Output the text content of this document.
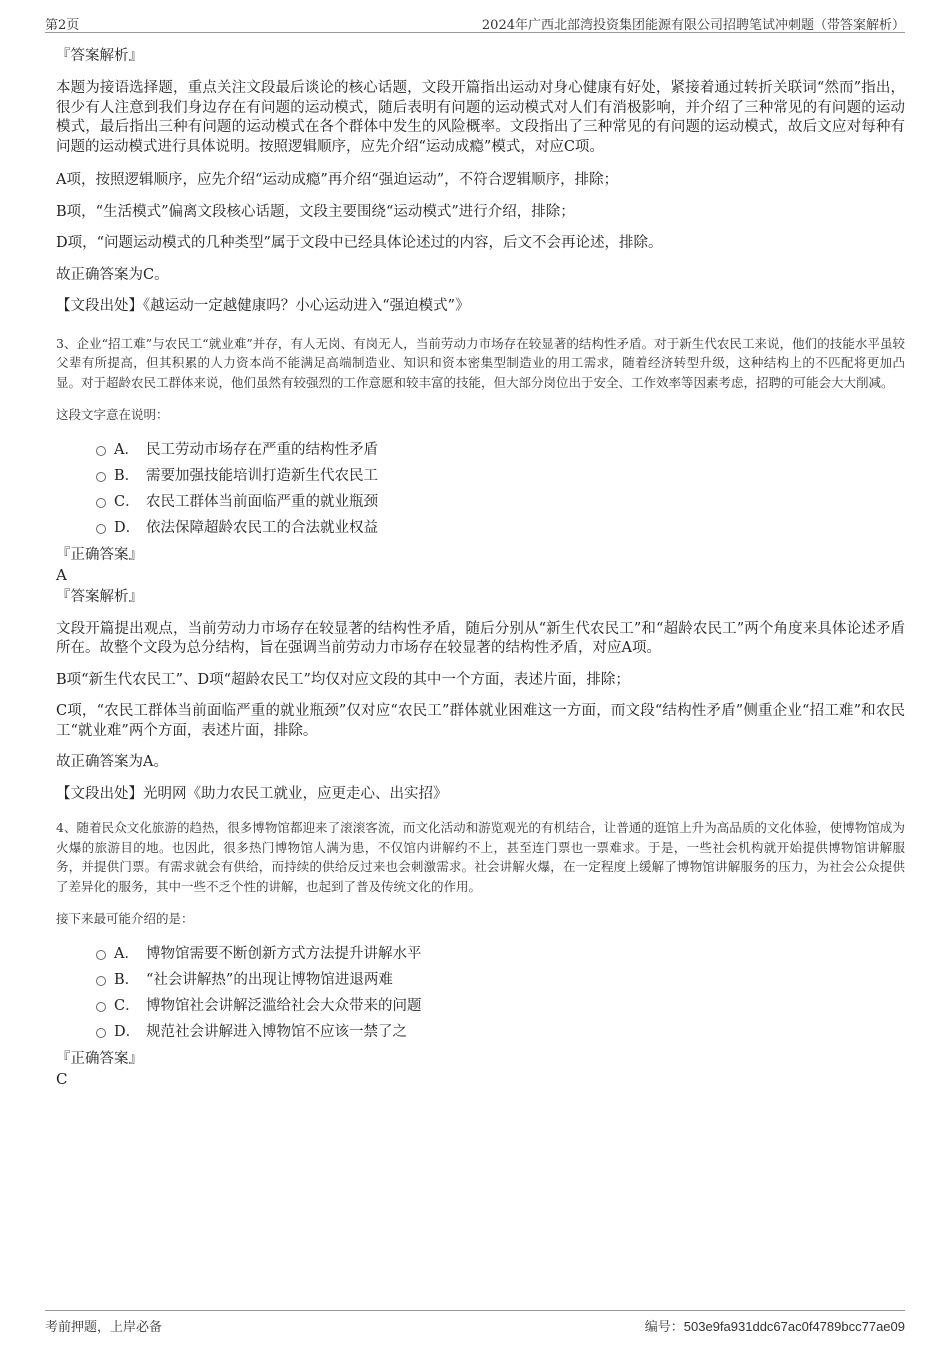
第2页	2024年广西北部湾投资集团能源有限公司招聘笔试冲刺题（带答案解析）

『答案解析』

本题为接语选择题，重点关注文段最后谈论的核心话题，文段开篇指出运动对身心健康有好处，紧接着通过转折关联词“然而”指出，很少有人注意到我们身边存在有问题的运动模式，随后表明有问题的运动模式对人们有消极影响，并介绍了三种常见的有问题的运动模式，最后指出三种有问题的运动模式在各个群体中发生的风险概率。文段指出了三种常见的有问题的运动模式，故后文应对每种有问题的运动模式进行具体说明。按照逻辑顺序，应先介绍“运动成瘾”模式，对应C项。

A项，按照逻辑顺序，应先介绍“运动成瘾”再介绍“强迫运动”，不符合逻辑顺序，排除；

B项，“生活模式”偏离文段核心话题，文段主要围绕“运动模式”进行介绍，排除；

D项，“问题运动模式的几种类型”属于文段中已经具体论述过的内容，后文不会再论述，排除。

故正确答案为C。

【文段出处】《越运动一定越健康吗？小心运动进入“强迫模式”》

3、企业“招工难”与农民工“就业难”并存，有人无岗、有岗无人，当前劳动力市场存在较显著的结构性矛盾。对于新生代农民工来说，他们的技能水平虽较父辈有所提高，但其积累的人力资本尚不能满足高端制造业、知识和资本密集型制造业的用工需求，随着经济转型升级，这种结构上的不匹配将更加凸显。对于超龄农民工群体来说，他们虽然有较强烈的工作意愿和较丰富的技能，但大部分岗位出于安全、工作效率等因素考虑，招聘的可能会大大削减。

这段文字意在说明：

A． 民工劳动市场存在严重的结构性矛盾
B． 需要加强技能培训打造新生代农民工
C． 农民工群体当前面临严重的就业瓶颈
D． 依法保障超龄农民工的合法就业权益

『正确答案』

A

『答案解析』

文段开篇提出观点，当前劳动力市场存在较显著的结构性矛盾，随后分别从“新生代农民工”和“超龄农民工”两个角度来具体论述矛盾所在。故整个文段为总分结构，旨在强调当前劳动力市场存在较显著的结构性矛盾，对应A项。

B项“新生代农民工”、D项“超龄农民工”均仅对应文段的其中一个方面，表述片面，排除；

C项，“农民工群体当前面临严重的就业瓶颈”仅对应“农民工”群体就业困难这一方面，而文段“结构性矛盾”侧重企业“招工难”和农民工“就业难”两个方面，表述片面，排除。

故正确答案为A。

【文段出处】光明网《助力农民工就业，应更走心、出实招》

4、随着民众文化旅游的趋热，很多博物馆都迎来了滚滚客流，而文化活动和游览观光的有机结合，让普通的逛馆上升为高品质的文化体验，使博物馆成为火爆的旅游目的地。也因此，很多热门博物馆人满为患，不仅馆内讲解约不上，甚至连门票也一票难求。于是，一些社会机构就开始提供博物馆讲解服务，并提供门票。有需求就会有供给，而持续的供给反过来也会刺激需求。社会讲解火爆，在一定程度上缓解了博物馆讲解服务的压力，为社会公众提供了差异化的服务，其中一些不乏个性的讲解，也起到了普及传统文化的作用。

接下来最可能介绍的是：

A． 博物馆需要不断创新方式方法提升讲解水平
B． “社会讲解热”的出现让博物馆进退两难
C． 博物馆社会讲解泛滥给社会大众带来的问题
D． 规范社会讲解进入博物馆不应该一禁了之

『正确答案』

C

考前押题，上岸必备	编号：503e9fa931ddc67ac0f4789bcc77ae09
